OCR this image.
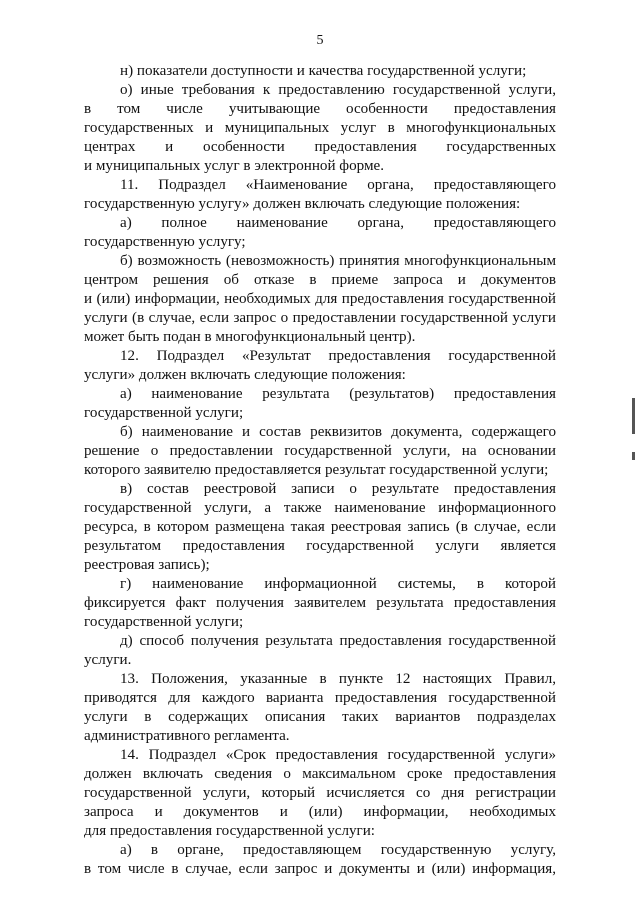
5
н) показатели доступности и качества государственной услуги;
о) иные требования к предоставлению государственной услуги,
в том числе учитывающие особенности предоставления
государственных и муниципальных услуг в многофункциональных
центрах и особенности предоставления государственных
и муниципальных услуг в электронной форме.
11. Подраздел «Наименование органа, предоставляющего
государственную услугу» должен включать следующие положения:
а) полное наименование органа, предоставляющего
государственную услугу;
б) возможность (невозможность) принятия многофункциональным
центром решения об отказе в приеме запроса и документов
и (или) информации, необходимых для предоставления государственной
услуги (в случае, если запрос о предоставлении государственной услуги
может быть подан в многофункциональный центр).
12. Подраздел «Результат предоставления государственной
услуги» должен включать следующие положения:
а) наименование результата (результатов) предоставления
государственной услуги;
б) наименование и состав реквизитов документа, содержащего
решение о предоставлении государственной услуги, на основании
которого заявителю предоставляется результат государственной услуги;
в) состав реестровой записи о результате предоставления
государственной услуги, а также наименование информационного
ресурса, в котором размещена такая реестровая запись (в случае, если
результатом предоставления государственной услуги является
реестровая запись);
г) наименование информационной системы, в которой
фиксируется факт получения заявителем результата предоставления
государственной услуги;
д) способ получения результата предоставления государственной
услуги.
13. Положения, указанные в пункте 12 настоящих Правил,
приводятся для каждого варианта предоставления государственной
услуги в содержащих описания таких вариантов подразделах
административного регламента.
14. Подраздел «Срок предоставления государственной услуги»
должен включать сведения о максимальном сроке предоставления
государственной услуги, который исчисляется со дня регистрации
запроса и документов и (или) информации, необходимых
для предоставления государственной услуги:
а) в органе, предоставляющем государственную услугу,
в том числе в случае, если запрос и документы и (или) информация,
